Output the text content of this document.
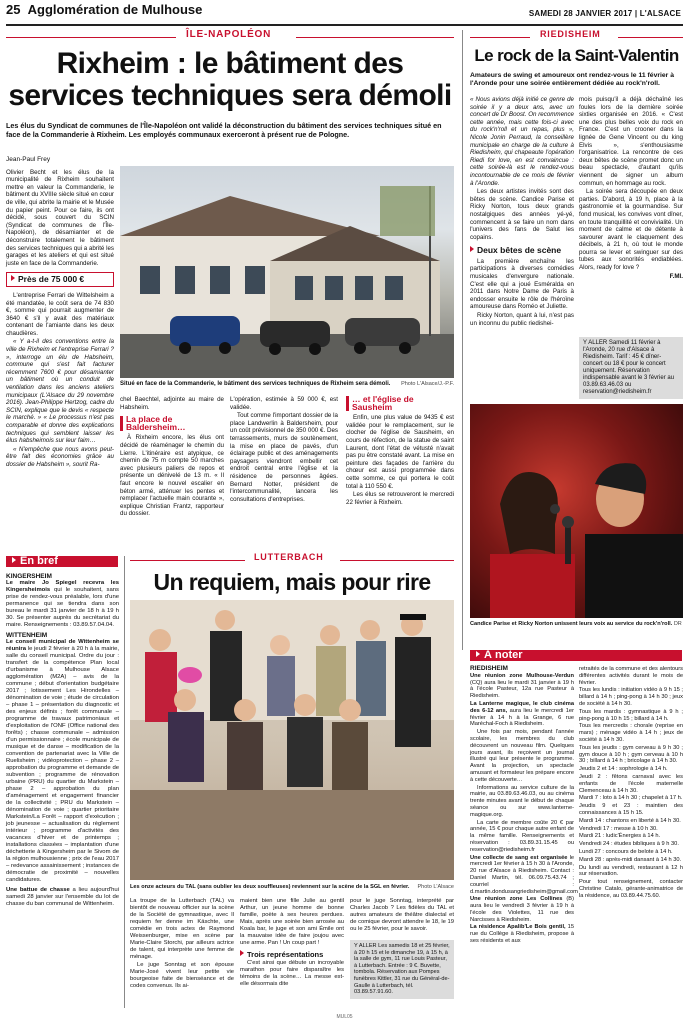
25 Agglomération de Mulhouse	SAMEDI 28 JANVIER 2017 | L'ALSACE
ÎLE-NAPOLÉON
Rixheim : le bâtiment des
services techniques sera démoli
Les élus du Syndicat de communes de l'Île-Napoléon ont validé la déconstruction du bâtiment des services techniques situé en face de la Commanderie à Rixheim. Les employés communaux exerceront à présent rue de Pologne.
Jean-Paul Frey

Olivier Becht et les élus de la municipalité de Rixheim souhaitent mettre en valeur la Commanderie, le bâtiment du XVIIIe siècle situé en cœur de ville, qui abrite la mairie et le Musée du papier peint. Pour ce faire, ils ont décidé, sous couvert du SCIN (Syndicat de communes de l'Île-Napoléon), de désamianter et de déconstruire totalement le bâtiment des services techniques qui a abrité les garages et les ateliers et qui est situé juste en face de la Commanderie.

Près de 75 000 €

L'entreprise Ferrari de Wittelsheim a été mandatée, le coût sera de 74 830 €, somme qui pourrait augmenter de 3640 € s'il y avait des matériaux contenant de l'amiante dans les deux chaudières.

« Y a-t-il des conventions entre la ville de Rixheim et l'entreprise Ferrari ? », interroge un élu de Habsheim, commune qui s'est fait facturer récemment 7600 € pour désamianter un bâtiment où un conduit de ventilation dans les anciens ateliers municipaux (L'Alsace du 29 novembre 2016). Jean-Philippe Hertzog, cadre du SCIN, explique que le devis « respecte le marché. » « Le processus n'est pas comparable et donne des explications techniques qui semblent laisser les élus habsheimois sur leur faim…

« N'empêche que nous avons peut-être fait des économies grâce au dossier de Habsheim », sourit Ra-

Situé en face de la Commanderie, le bâtiment des services techniques de Rixheim sera démoli. Photo L'Alsace/J.-P.F.

chel Baechtel, adjointe au maire de Habsheim.

La place de Baldersheim…

À Rixheim encore, les élus ont décidé de réaménager le chemin du Lierre. L'itinéraire est atypique, ce chemin de 75 m compte 50 marches avec plusieurs paliers de repos et présente un dénivelé de 13 m. « Il faut encore le nouvel escalier en béton armé, atténuer les pentes et remplacer l'actuelle main courante », explique Christian Frantz, rapporteur du dossier.

L'opération, estimée à 59 000 €, est validée.

Tout comme l'important dossier de la place Landwerlin à Baldersheim, pour un coût prévisionnel de 350 000 €. Des terrassements, murs de soutènement, la mise en place de pavés, d'un éclairage public et des aménagements paysagers viendront embellir cet endroit central entre l'église et la résidence de personnes âgées. Bernard Notter, président de l'intercommunalité, lancera les consultations d'entreprises.

… et l'église de Sausheim

Enfin, une plus value de 9435 € est validée pour le remplacement, sur le clocher de l'église de Sausheim, en cours de réfection, de la statue de saint Laurent, dont l'état de vétusté n'avait pas pu être constaté avant. La mise en peinture des façades de l'arrière du chœur est aussi programmée dans cette somme, ce qui portera le coût total à 110 550 €.

Les élus se retrouveront le mercredi 22 février à Rixheim.

RIEDISHEIM
Le rock de la Saint-Valentin
Amateurs de swing et amoureux ont rendez-vous le 11 février à l'Aronde pour une soirée entièrement dédiée au rock'n'roll.

« Nous avions déjà initié ce genre de soirée il y a deux ans, avec un concert de Dr Boost. On recommence cette année, mais cette fois-ci avec du rock'n'roll et un repas, plus », Nicole Jonin Perraud, la conseillère municipale en charge de la culture à Riedisheim, qui chapeaute l'opération Riedi for love, en est convaincue : cette soirée-là est le rendez-vous incontournable de ce mois de février à l'Aronde.

Les deux artistes invités sont des bêtes de scène. Candice Parise et Ricky Norton, tous deux grands nostalgiques des années yé-yé, commencent à se faire un nom dans l'univers des fans de Salut les copains.

Deux bêtes de scène

La première enchaîne les participations à diverses comédies musicales d'envergure nationale. C'est elle qui a joué Esméralda en 2011 dans Notre Dame de Paris à endosser ensuite le rôle de l'héroïne amoureuse dans Roméo et Juliette.

Ricky Norton, quant à lui, n'est pas un inconnu du public riedishei-

mois puisqu'il a déjà déchaîné les foules lors de la dernière soirée sixties organisée en 2016. « C'est une des plus belles voix du rock en France. C'est un crooner dans la lignée de Gene Vincent ou du king Elvis », s'enthousiasme l'organisatrice. La rencontre de ces deux bêtes de scène promet donc un beau spectacle, d'autant qu'ils viennent de signer un album commun, en hommage au rock.

La soirée sera découpée en deux parties. D'abord, à 19 h, place à la gastronomie et la gourmandise. Sur fond musical, les convives vont dîner, en toute tranquillité et convivialité. Un moment de calme et de détente à savourer avant le claquement des décibels, à 21 h, où tout le monde pourra se lever et swinguer sur des tubes aux sonorités endiablées. Alors, ready for love ?

F.MI.
Y ALLER Samedi 11 février à l'Aronde, 20 rue d'Alsace à Riedisheim. Tarif : 45 € dîner-concert ou 18 € pour le concert uniquement. Réservation indispensable avant le 3 février au 03.89.63.46.03 ou reservation@riedisheim.fr
Candice Parise et Ricky Norton unissent leurs voix au service du rock'n'roll. DR
En bref
KINGERSHEIM

Le maire Jo Spiegel recevra les Kingersheimois qui le souhaitent, sans prise de rendez-vous préalable, lors d'une permanence qui se tiendra dans son bureau le mardi 31 janvier de 18 h à 19 h 30. Se présenter auprès du secrétariat du maire. Renseignements : 03.89.57.04.04.

WITTENHEIM

Le conseil municipal de Wittenheim se réunira le jeudi 2 février à 20 h à la mairie, salle du conseil municipal. Ordre du jour : transfert de la compétence Plan local d'urbanisme à Mulhouse Alsace agglomération (M2A) – avis de la commune ; début d'orientation budgétaire 2017 ; lotissement Les Hirondelles – dénomination de voie ; étude de circulation – phase 1 – présentation du diagnostic et des enjeux définis ; forêt communale – programme de travaux patrimoniaux et d'exploitation de l'ONF (Office national des forêts) ; chasse communale – admission d'un permissionnaire ; école municipale de musique et de danse – modification de la convention de partenariat avec la Ville de Ruelisheim ; vidéoprotection – phase 2 – approbation du programme et demande de subvention ; programme de rénovation urbaine (PRU) du quartier du Markstein – phase 2 – approbation du plan d'aménagement et engagement financier de la collectivité ; PRU du Markstein – dénomination de voie ; quartier prioritaire Markstein/La Forêt – rapport d'exécution ; job jeunesse – actualisation du règlement intérieur ; programme d'activités des vacances d'hiver et de printemps ; installations classées – implantation d'une déchetterie à Kingersheim par le Sivom de la région mulhousienne ; prix de l'eau 2017 – redevance assainissement ; instances de démocratie de proximité – nouvelles candidatures.

Une battue de chasse a lieu aujourd'hui samedi 28 janvier sur l'ensemble du lot de chasse du ban communal de Wittenheim.

LUTTERBACH
Un requiem, mais pour rire
Les onze acteurs du TAL (sans oublier les deux souffleuses) reviennent sur la scène de la SGL en février. Photo L'Alsace

La troupe de la Lutterbach (TAL) va bientôt de nouveau officier sur la scène de la Société de gymnastique, avec Il requiem fer denne im Käschte, une comédie en trois actes de Raymond Weissenburger, mise en scène par Marie-Claire Storchi, par ailleurs actrice de talent, qui interprète une femme de ménage.

Le juge Sonntag et son épouse Marie-José vivent leur petite vie bourgeoise faite de bienséance et de codes convenus. Ils ai-

maient bien une fille Julie au gentil Arthur, un jeune homme de bonne famille, poète à ses heures perdues. Mais, après une soirée bien arrosée au Koala bar, le juge et son ami Émile ont la mauvaise idée de faire joujou avec une arme. Pan ! Un coup part !

Trois représentations

C'est ainsi que débute un incroyable marathon pour faire disparaître les témoins de la scène… La messe est-elle désormais dite

pour le juge Sonntag, interprété par Charles Jacob ? Les fidèles du TAL et autres amateurs de théâtre dialectal et de comique devront attendre le 18, le 19 ou le 25 février, pour le savoir.

Y ALLER Les samedis 18 et 25 février, à 20 h 15 et le dimanche 19, à 15 h, à la salle de gym, 11 rue Louis Pasteur, à Lutterbach. Entrée : 9 €. Buvette, tombola. Réservation aux Pompes funèbres Kittler, 31 rue du Général-de-Gaulle à Lutterbach, tél. 03.89.57.91.60.
À noter
RIEDISHEIM

Une réunion zone Mulhouse-Verdun (CQ) aura lieu le mardi 31 janvier à 19 h à l'école Pasteur, 12a rue Pasteur à Riedisheim.

La Lanterne magique, le club cinéma des 6-12 ans, aura lieu le mercredi 1er février à 14 h à la Grange, 6 rue Maréchal-Foch à Riedisheim.

Une fois par mois, pendant l'année scolaire, les membres du club découvrent un nouveau film. Quelques jours avant, ils reçoivent un journal illustré qui leur présente le programme. Avant la projection, un spectacle amusant et formateur les prépare encore à cette découverte…

Informations au service culture de la mairie, au 03.89.63.46.03, ou au cinéma trente minutes avant le début de chaque séance ou sur www.lanterne-magique.org.

La carte de membre coûte 20 € par année, 15 € pour chaque autre enfant de la même famille. Renseignements et réservation : 03.89.31.15.45 ou reservation@riedisheim.fr

Une collecte de sang est organisée le mercredi 1er février à 15 h 30 à l'Aronde, 20 rue d'Alsace à Riedisheim. Contact : Daniel Martin, tél. 06.09.75.43.74 ; courriel : d.martin.dondusangriedisheim@gmail.com

Une réunion zone Les Collines (B) aura lieu le vendredi 3 février à 19 h à l'école des Violettes, 11 rue des Narcisses à Riedisheim.

La résidence Apalib'Le Bois gentil, 15 rue du Collège à Riedisheim, propose à ses résidents et aux

retraités de la commune et des alentours différentes activités durant le mois de février.

Tous les lundis : initiation vidéo à 9 h 15 ; billard à 14 h ; ping-pong à 14 h 30 ; jeux de société à 14 h 30.

Tous les mardis : gymnastique à 9 h ; ping-pong à 10 h 15 ; billard à 14 h.

Tous les mercredis : chorale (reprise en mars) ; ménage vidéo à 14 h ; jeux de société à 14 h 30.

Tous les jeudis : gym cerveau à 9 h 30 ; gym douce à 10 h ; gym cerveau à 10 h 30 ; billard à 14 h ; bricolage à 14 h 30.

Jeudis 2 et 14 : sophrologie à 14 h.

Jeudi 2 : fêtons carnaval avec les enfants de l'école maternelle Clemenceau à 14 h 30.

Mardi 7 : loto à 14 h 30 ; chapelet à 17 h.

Jeudis 9 et 23 : maintien des connaissances à 15 h 15.

Mardi 14 : chantons en liberté à 14 h 30.

Vendredi 17 : messe à 10 h 30.

Mardi 21 : ludic'Énergies à 14 h.

Vendredi 24 : études bibliques à 9 h 30.

Lundi 27 : concours de belote à 14 h.

Mardi 28 : après-midi dansant à 14 h 30.

Du lundi au vendredi, restaurant à 12 h sur réservation.

Pour tout renseignement, contacter Christine Catalo, gérante-animatrice de la résidence, au 03.89.44.75.60.

MUL05
